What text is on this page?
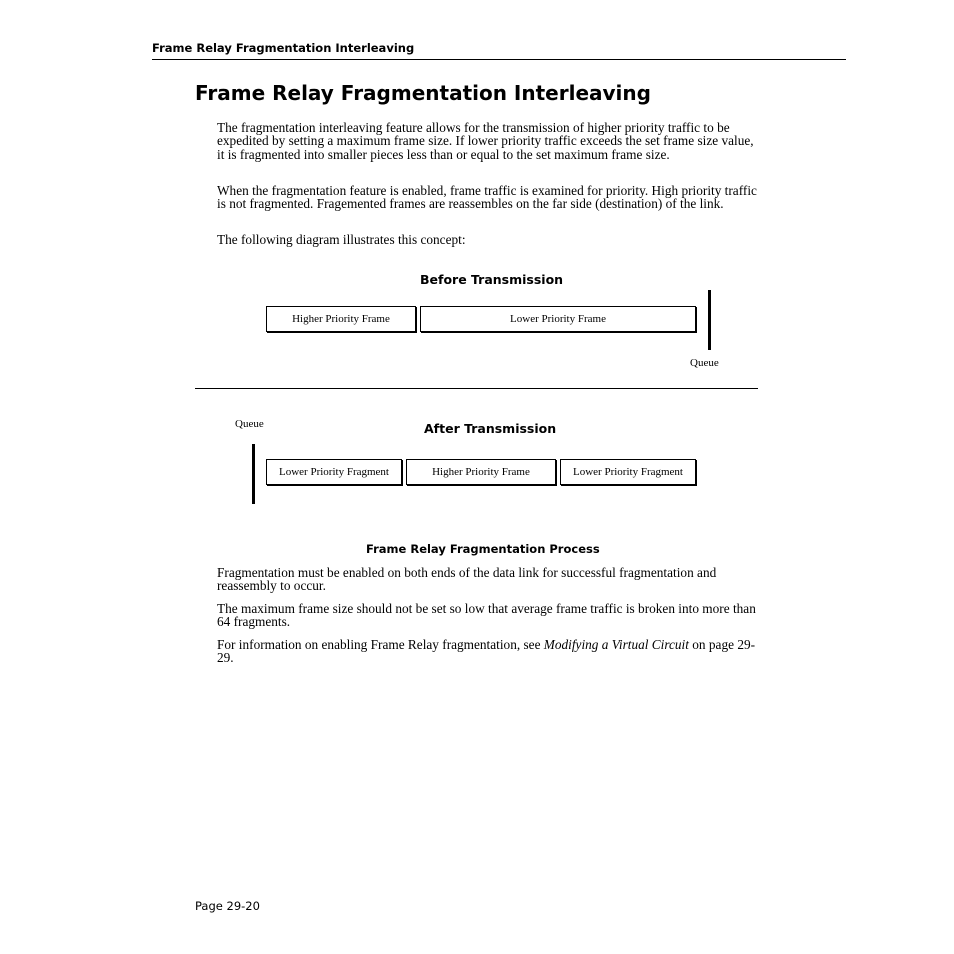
Frame Relay Fragmentation Interleaving
Frame Relay Fragmentation Interleaving

The fragmentation interleaving feature allows for the transmission of higher priority traffic to be expedited by setting a maximum frame size. If lower priority traffic exceeds the set frame size value, it is fragmented into smaller pieces less than or equal to the set maximum frame size.

When the fragmentation feature is enabled, frame traffic is examined for priority. High priority traffic is not fragmented. Fragemented frames are reassembles on the far side (destination) of the link.

The following diagram illustrates this concept:

Before Transmission
Higher Priority Frame	Lower Priority Frame
Queue
Queue	After Transmission
Lower Priority Fragment	Higher Priority Frame	Lower Priority Fragment
Frame Relay Fragmentation Process

Fragmentation must be enabled on both ends of the data link for successful fragmentation and reassembly to occur.

The maximum frame size should not be set so low that average frame traffic is broken into more than 64 fragments.

For information on enabling Frame Relay fragmentation, see Modifying a Virtual Circuit on page 29-29.

Page 29-20
